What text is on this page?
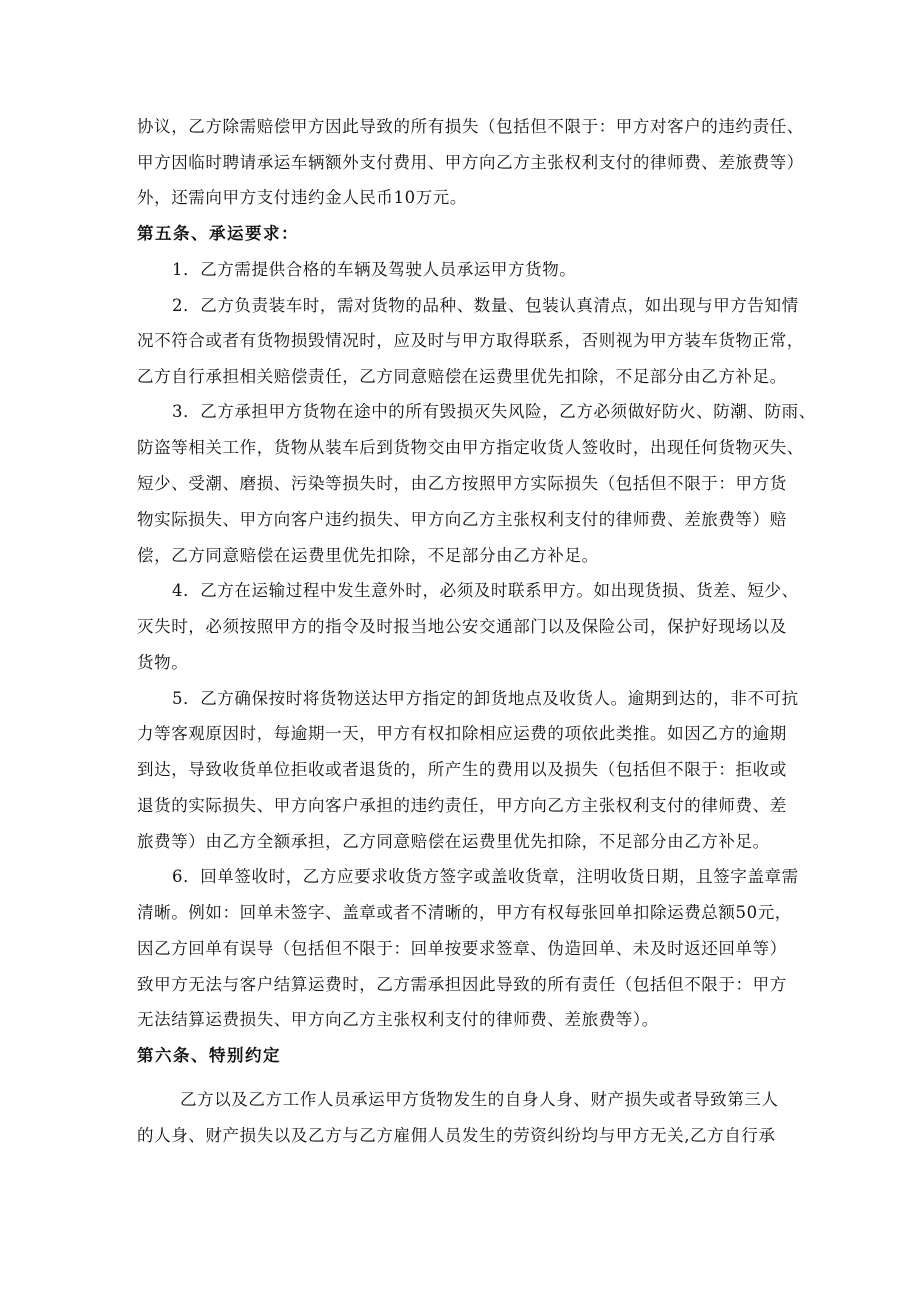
协议，乙方除需赔偿甲方因此导致的所有损失（包括但不限于：甲方对客户的违约责任、
甲方因临时聘请承运车辆额外支付费用、甲方向乙方主张权利支付的律师费、差旅费等）
外，还需向甲方支付违约金人民币10万元。
第五条、承运要求：
1．乙方需提供合格的车辆及驾驶人员承运甲方货物。
2．乙方负责装车时，需对货物的品种、数量、包装认真清点，如出现与甲方告知情
况不符合或者有货物损毁情况时，应及时与甲方取得联系，否则视为甲方装车货物正常，
乙方自行承担相关赔偿责任，乙方同意赔偿在运费里优先扣除，不足部分由乙方补足。
3．乙方承担甲方货物在途中的所有毁损灭失风险，乙方必须做好防火、防潮、防雨、
防盗等相关工作，货物从装车后到货物交由甲方指定收货人签收时，出现任何货物灭失、
短少、受潮、磨损、污染等损失时，由乙方按照甲方实际损失（包括但不限于：甲方货
物实际损失、甲方向客户违约损失、甲方向乙方主张权利支付的律师费、差旅费等）赔
偿，乙方同意赔偿在运费里优先扣除，不足部分由乙方补足。
4．乙方在运输过程中发生意外时，必须及时联系甲方。如出现货损、货差、短少、
灭失时，必须按照甲方的指令及时报当地公安交通部门以及保险公司，保护好现场以及
货物。
5．乙方确保按时将货物送达甲方指定的卸货地点及收货人。逾期到达的，非不可抗
力等客观原因时，每逾期一天，甲方有权扣除相应运费的项依此类推。如因乙方的逾期
到达，导致收货单位拒收或者退货的，所产生的费用以及损失（包括但不限于：拒收或
退货的实际损失、甲方向客户承担的违约责任，甲方向乙方主张权利支付的律师费、差
旅费等）由乙方全额承担，乙方同意赔偿在运费里优先扣除，不足部分由乙方补足。
6．回单签收时，乙方应要求收货方签字或盖收货章，注明收货日期，且签字盖章需
清晰。例如：回单未签字、盖章或者不清晰的，甲方有权每张回单扣除运费总额50元，
因乙方回单有误导（包括但不限于：回单按要求签章、伪造回单、未及时返还回单等）
致甲方无法与客户结算运费时，乙方需承担因此导致的所有责任（包括但不限于：甲方
无法结算运费损失、甲方向乙方主张权利支付的律师费、差旅费等）。
第六条、特别约定
乙方以及乙方工作人员承运甲方货物发生的自身人身、财产损失或者导致第三人
的人身、财产损失以及乙方与乙方雇佣人员发生的劳资纠纷均与甲方无关,乙方自行承
